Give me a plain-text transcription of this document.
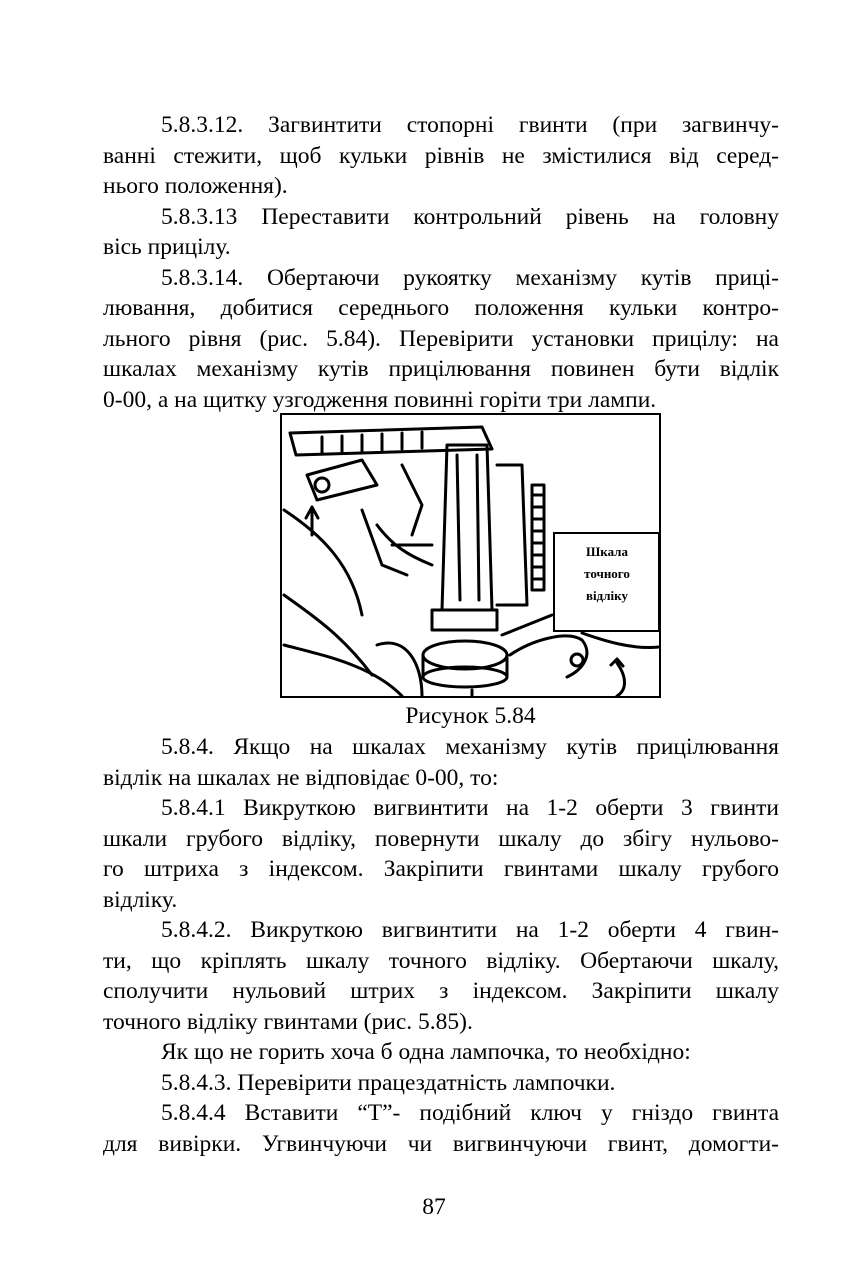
5.8.3.12. Загвинтити стопорні гвинти (при загвинчу-
ванні стежити, щоб кульки рівнів не змістилися від серед-
нього положення).
5.8.3.13 Переставити контрольний рівень на головну
вісь прицілу.
5.8.3.14. Обертаючи рукоятку механізму кутів приці-
лювання, добитися середнього положення кульки контро-
льного рівня (рис. 5.84). Перевірити установки прицілу: на
шкалах механізму кутів прицілювання повинен бути відлік
0-00, а на щитку узгодження повинні горіти три лампи.
Шкала
точного
відліку
Рисунок 5.84
5.8.4. Якщо на шкалах механізму кутів прицілювання
відлік на шкалах не відповідає 0-00, то:
5.8.4.1 Викруткою вигвинтити на 1-2 оберти 3 гвинти
шкали грубого відліку, повернути шкалу до збігу нульово-
го штриха з індексом. Закріпити гвинтами шкалу грубого
відліку.
5.8.4.2. Викруткою вигвинтити на 1-2 оберти 4 гвин-
ти, що кріплять шкалу точного відліку. Обертаючи шкалу,
сполучити нульовий штрих з індексом. Закріпити шкалу
точного відліку гвинтами (рис. 5.85).
Як що не горить хоча б одна лампочка, то необхідно:
5.8.4.3. Перевірити працездатність лампочки.
5.8.4.4 Вставити “Т”- подібний ключ у гніздо гвинта
для вивірки. Угвинчуючи чи вигвинчуючи гвинт, домогти-
87
